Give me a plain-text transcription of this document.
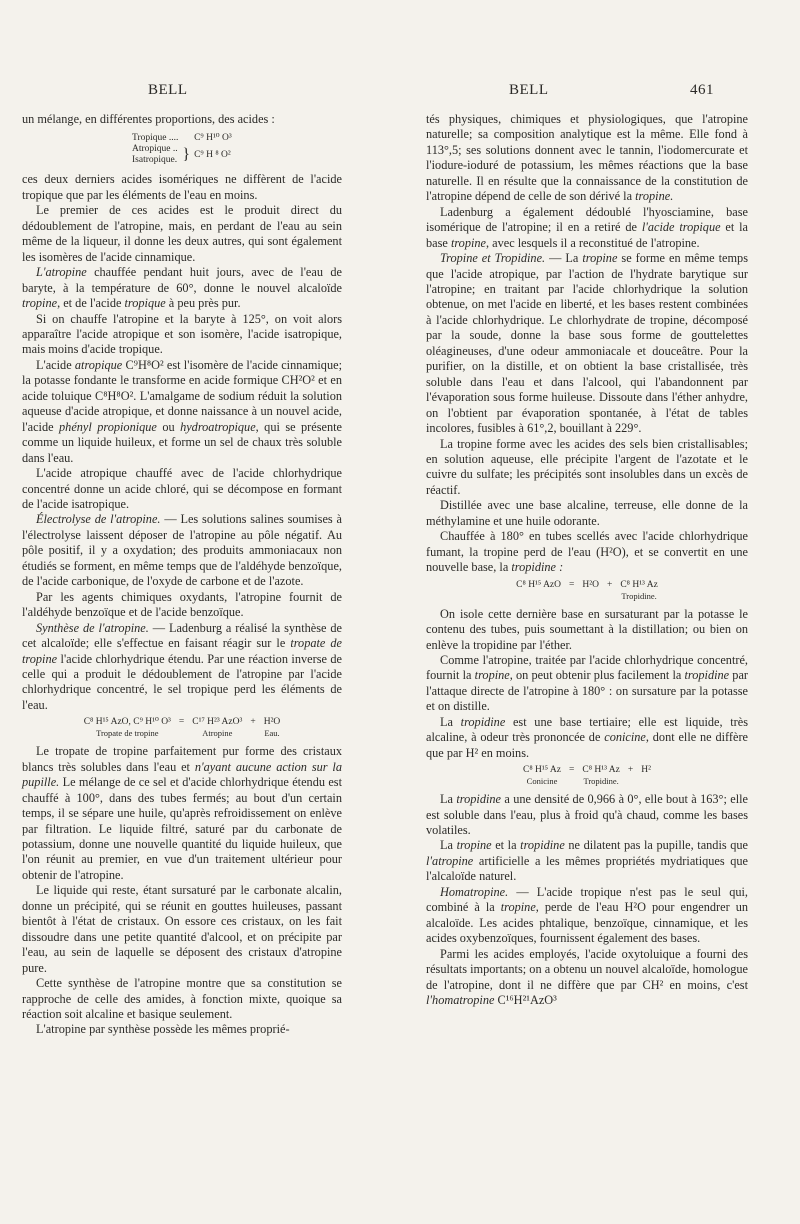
BELL	BELL	461

un mélange, en différentes proportions, des acides :

Tropique ....		C⁹ H¹⁰ O³
Atropique ..	}	C⁹ H ⁸ O²
Isatropique.		

ces deux derniers acides isomériques ne diffèrent de l'acide tropique que par les éléments de l'eau en moins.

Le premier de ces acides est le produit direct du dédoublement de l'atropine, mais, en perdant de l'eau au sein même de la liqueur, il donne les deux autres, qui sont également les isomères de l'acide cinnamique.

L'atropine chauffée pendant huit jours, avec de l'eau de baryte, à la température de 60°, donne le nouvel alcaloïde tropine, et de l'acide tropique à peu près pur.

Si on chauffe l'atropine et la baryte à 125°, on voit alors apparaître l'acide atropique et son isomère, l'acide isatropique, mais moins d'acide tropique.

L'acide atropique C⁹H⁸O² est l'isomère de l'acide cinnamique; la potasse fondante le transforme en acide formique CH²O² et en acide toluique C⁸H⁸O². L'amalgame de sodium réduit la solution aqueuse d'acide atropique, et donne naissance à un nouvel acide, l'acide phényl propionique ou hydroatropique, qui se présente comme un liquide huileux, et forme un sel de chaux très soluble dans l'eau.

L'acide atropique chauffé avec de l'acide chlorhydrique concentré donne un acide chloré, qui se décompose en formant de l'acide isatropique.

Électrolyse de l'atropine. — Les solutions salines soumises à l'électrolyse laissent déposer de l'atropine au pôle négatif. Au pôle positif, il y a oxydation; des produits ammoniacaux non étudiés se forment, en même temps que de l'aldéhyde benzoïque, de l'acide carbonique, de l'oxyde de carbone et de l'azote.

Par les agents chimiques oxydants, l'atropine fournit de l'aldéhyde benzoïque et de l'acide benzoïque.

Synthèse de l'atropine. — Ladenburg a réalisé la synthèse de cet alcaloïde; elle s'effectue en faisant réagir sur le tropate de tropine l'acide chlorhydrique étendu. Par une réaction inverse de celle qui a produit le dédoublement de l'atropine par l'acide chlorhydrique concentré, le sel tropique perd les éléments de l'eau.

C⁸ H¹⁵ AzO, C⁹ H¹⁰ O³	=	C¹⁷ H²³ AzO³	+	H²O
Tropate de tropine		Atropine		Eau.

Le tropate de tropine parfaitement pur forme des cristaux blancs très solubles dans l'eau et n'ayant aucune action sur la pupille. Le mélange de ce sel et d'acide chlorhydrique étendu est chauffé à 100°, dans des tubes fermés; au bout d'un certain temps, il se sépare une huile, qu'après refroidissement on enlève par filtration. Le liquide filtré, saturé par du carbonate de potassium, donne une nouvelle quantité du liquide huileux, que l'on réunit au premier, en vue d'un traitement ultérieur pour obtenir de l'atropine.

Le liquide qui reste, étant sursaturé par le carbonate alcalin, donne un précipité, qui se réunit en gouttes huileuses, passant bientôt à l'état de cristaux. On essore ces cristaux, on les fait dissoudre dans une petite quantité d'alcool, et on précipite par l'eau, au sein de laquelle se déposent des cristaux d'atropine pure.

Cette synthèse de l'atropine montre que sa constitution se rapproche de celle des amides, à fonction mixte, quoique sa réaction soit alcaline et basique seulement.

L'atropine par synthèse possède les mêmes proprié-

tés physiques, chimiques et physiologiques, que l'atropine naturelle; sa composition analytique est la même. Elle fond à 113°,5; ses solutions donnent avec le tannin, l'iodomercurate et l'iodure-ioduré de potassium, les mêmes réactions que la base naturelle. Il en résulte que la connaissance de la constitution de l'atropine dépend de celle de son dérivé la tropine.

Ladenburg a également dédoublé l'hyosciamine, base isomérique de l'atropine; il en a retiré de l'acide tropique et la base tropine, avec lesquels il a reconstitué de l'atropine.

Tropine et Tropidine. — La tropine se forme en même temps que l'acide atropique, par l'action de l'hydrate barytique sur l'atropine; en traitant par l'acide chlorhydrique la solution obtenue, on met l'acide en liberté, et les bases restent combinées à l'acide chlorhydrique. Le chlorhydrate de tropine, décomposé par la soude, donne la base sous forme de gouttelettes oléagineuses, d'une odeur ammoniacale et douceâtre. Pour la purifier, on la distille, et on obtient la base cristallisée, très soluble dans l'eau et dans l'alcool, qui l'abandonnent par l'évaporation sous forme huileuse. Dissoute dans l'éther anhydre, on l'obtient par évaporation spontanée, à l'état de tables incolores, fusibles à 61°,2, bouillant à 229°.

La tropine forme avec les acides des sels bien cristallisables; en solution aqueuse, elle précipite l'argent de l'azotate et le cuivre du sulfate; les précipités sont insolubles dans un excès de réactif.

Distillée avec une base alcaline, terreuse, elle donne de la méthylamine et une huile odorante.

Chauffée à 180° en tubes scellés avec l'acide chlorhydrique fumant, la tropine perd de l'eau (H²O), et se convertit en une nouvelle base, la tropidine :

C⁸ H¹⁵ AzO	=	H²O	+	C⁸ H¹³ Az
				Tropidine.

On isole cette dernière base en sursaturant par la potasse le contenu des tubes, puis soumettant à la distillation; ou bien on enlève la tropidine par l'éther.

Comme l'atropine, traitée par l'acide chlorhydrique concentré, fournit la tropine, on peut obtenir plus facilement la tropidine par l'attaque directe de l'atropine à 180° : on sursature par la potasse et on distille.

La tropidine est une base tertiaire; elle est liquide, très alcaline, à odeur très prononcée de conicine, dont elle ne diffère que par H² en moins.

C⁸ H¹⁵ Az	=	C⁸ H¹³ Az	+	H²
Conicine		Tropidine.		

La tropidine a une densité de 0,966 à 0°, elle bout à 163°; elle est soluble dans l'eau, plus à froid qu'à chaud, comme les bases volatiles.

La tropine et la tropidine ne dilatent pas la pupille, tandis que l'atropine artificielle a les mêmes propriétés mydriatiques que l'alcaloïde naturel.

Homatropine. — L'acide tropique n'est pas le seul qui, combiné à la tropine, perde de l'eau H²O pour engendrer un alcaloïde. Les acides phtalique, benzoïque, cinnamique, et les acides oxybenzoïques, fournissent également des bases.

Parmi les acides employés, l'acide oxytoluique a fourni des résultats importants; on a obtenu un nouvel alcaloïde, homologue de l'atropine, dont il ne diffère que par CH² en moins, c'est l'homatropine C¹⁶H²¹AzO³
